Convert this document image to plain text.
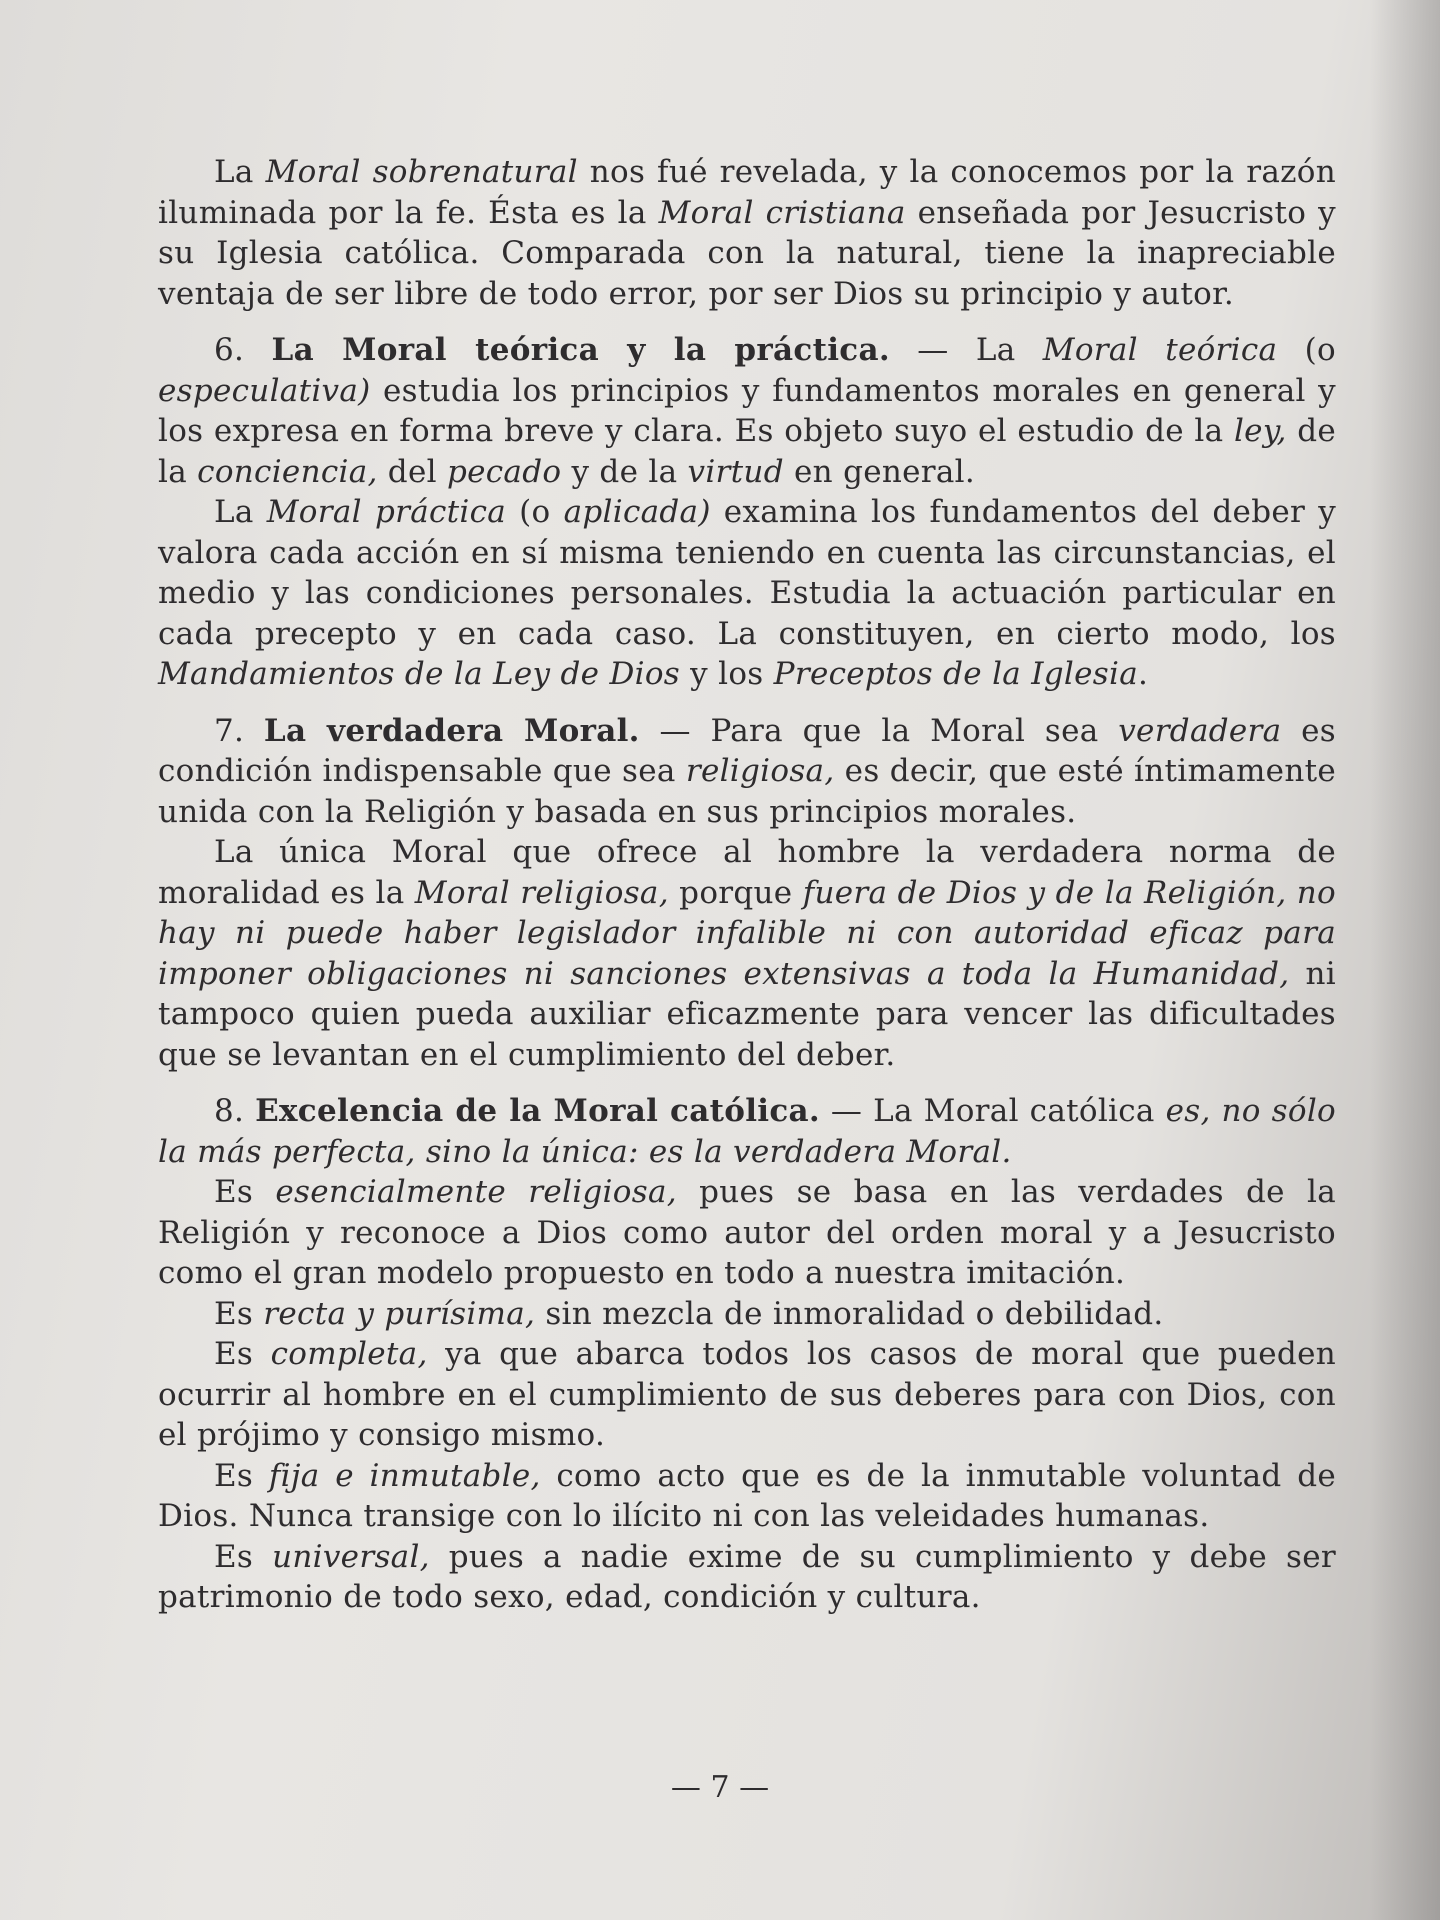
La Moral sobrenatural nos fué revelada, y la conocemos por la razón iluminada por la fe. Ésta es la Moral cristiana enseñada por Jesucristo y su Iglesia católica. Comparada con la natural, tiene la inapreciable ventaja de ser libre de todo error, por ser Dios su principio y autor.

6. La Moral teórica y la práctica. — La Moral teórica (o especulativa) estudia los principios y fundamentos morales en general y los expresa en forma breve y clara. Es objeto suyo el estudio de la ley, de la conciencia, del pecado y de la virtud en general.

La Moral práctica (o aplicada) examina los fundamentos del deber y valora cada acción en sí misma teniendo en cuenta las circunstancias, el medio y las condiciones personales. Estudia la actuación particular en cada precepto y en cada caso. La constituyen, en cierto modo, los Mandamientos de la Ley de Dios y los Preceptos de la Iglesia.

7. La verdadera Moral. — Para que la Moral sea verdadera es condición indispensable que sea religiosa, es decir, que esté íntimamente unida con la Religión y basada en sus principios morales.

La única Moral que ofrece al hombre la verdadera norma de moralidad es la Moral religiosa, porque fuera de Dios y de la Religión, no hay ni puede haber legislador infalible ni con autoridad eficaz para imponer obligaciones ni sanciones extensivas a toda la Humanidad, ni tampoco quien pueda auxiliar eficazmente para vencer las dificultades que se levantan en el cumplimiento del deber.

8. Excelencia de la Moral católica. — La Moral católica es, no sólo la más perfecta, sino la única: es la verdadera Moral.

Es esencialmente religiosa, pues se basa en las verdades de la Religión y reconoce a Dios como autor del orden moral y a Jesucristo como el gran modelo propuesto en todo a nuestra imitación.

Es recta y purísima, sin mezcla de inmoralidad o debilidad.

Es completa, ya que abarca todos los casos de moral que pueden ocurrir al hombre en el cumplimiento de sus deberes para con Dios, con el prójimo y consigo mismo.

Es fija e inmutable, como acto que es de la inmutable voluntad de Dios. Nunca transige con lo ilícito ni con las veleidades humanas.

Es universal, pues a nadie exime de su cumplimiento y debe ser patrimonio de todo sexo, edad, condición y cultura.

— 7 —
